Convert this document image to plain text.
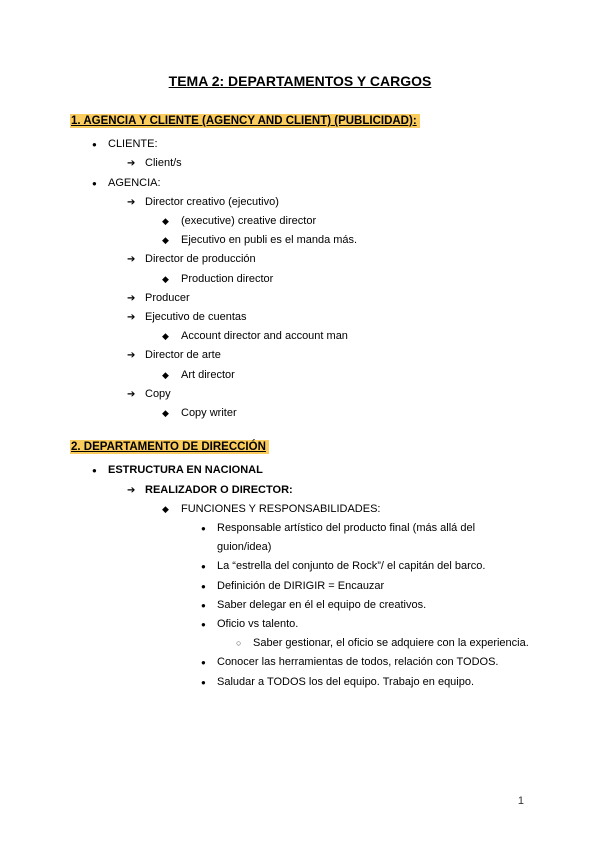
TEMA 2: DEPARTAMENTOS Y CARGOS
1. AGENCIA Y CLIENTE (AGENCY AND CLIENT) (PUBLICIDAD):
● CLIENTE:
➔ Client/s
● AGENCIA:
➔ Director creativo (ejecutivo)
◆ (executive) creative director
◆ Ejecutivo en publi es el manda más.
➔ Director de producción
◆ Production director
➔ Producer
➔ Ejecutivo de cuentas
◆ Account director and account man
➔ Director de arte
◆ Art director
➔ Copy
◆ Copy writer
2. DEPARTAMENTO DE DIRECCIÓN
● ESTRUCTURA EN NACIONAL
➔ REALIZADOR O DIRECTOR:
◆ FUNCIONES Y RESPONSABILIDADES:
● Responsable artístico del producto final (más allá del guion/idea)
● La “estrella del conjunto de Rock”/ el capitán del barco.
● Definición de DIRIGIR = Encauzar
● Saber delegar en él el equipo de creativos.
● Oficio vs talento.
○ Saber gestionar, el oficio se adquiere con la experiencia.
● Conocer las herramientas de todos, relación con TODOS.
● Saludar a TODOS los del equipo. Trabajo en equipo.
1
